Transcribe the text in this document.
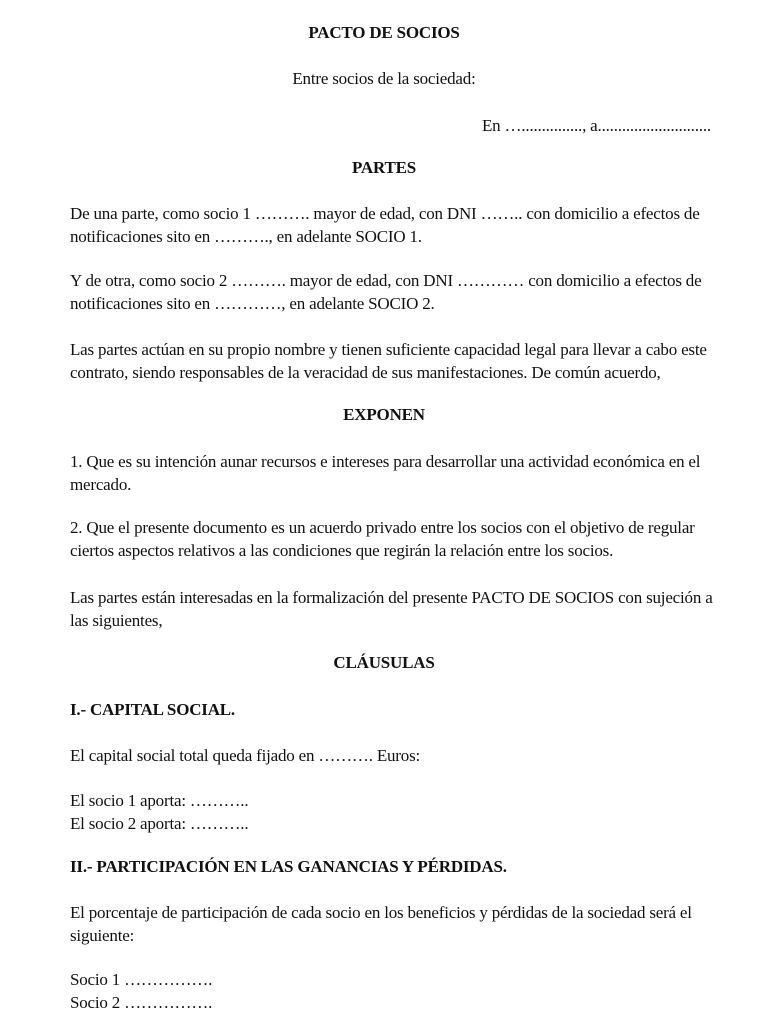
PACTO DE SOCIOS
Entre socios de la sociedad:
En …..............., a............................
PARTES
De una parte, como socio 1 ………. mayor de edad, con DNI …….. con domicilio a efectos de
notificaciones sito en ………., en adelante SOCIO 1.
Y de otra, como socio 2 ………. mayor de edad, con DNI ………… con domicilio a efectos de
notificaciones sito en …………, en adelante SOCIO 2.
Las partes actúan en su propio nombre y tienen suficiente capacidad legal para llevar a cabo este
contrato, siendo responsables de la veracidad de sus manifestaciones. De común acuerdo,
EXPONEN
1. Que es su intención aunar recursos e intereses para desarrollar una actividad económica en el
mercado.
2. Que el presente documento es un acuerdo privado entre los socios con el objetivo de regular
ciertos aspectos relativos a las condiciones que regirán la relación entre los socios.
Las partes están interesadas en la formalización del presente PACTO DE SOCIOS con sujeción a
las siguientes,
CLÁUSULAS
I.- CAPITAL SOCIAL.
El capital social total queda fijado en ………. Euros:
El socio 1 aporta: ………..
El socio 2 aporta: ………..
II.- PARTICIPACIÓN EN LAS GANANCIAS Y PÉRDIDAS.
El porcentaje de participación de cada socio en los beneficios y pérdidas de la sociedad será el
siguiente:
Socio 1 …………….
Socio 2 …………….
